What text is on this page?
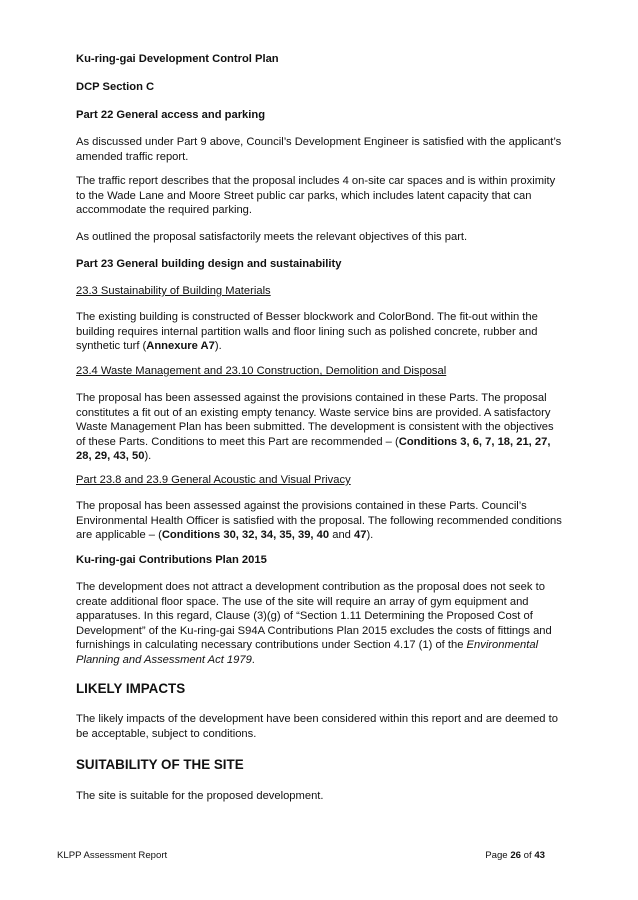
Ku-ring-gai Development Control Plan

DCP Section C

Part 22 General access and parking

As discussed under Part 9 above, Council’s Development Engineer is satisfied with the applicant’s amended traffic report.

The traffic report describes that the proposal includes 4 on-site car spaces and is within proximity to the Wade Lane and Moore Street public car parks, which includes latent capacity that can accommodate the required parking.

As outlined the proposal satisfactorily meets the relevant objectives of this part.

Part 23 General building design and sustainability

23.3 Sustainability of Building Materials

The existing building is constructed of Besser blockwork and ColorBond. The fit-out within the building requires internal partition walls and floor lining such as polished concrete, rubber and synthetic turf (Annexure A7).

23.4 Waste Management and 23.10 Construction, Demolition and Disposal

The proposal has been assessed against the provisions contained in these Parts. The proposal constitutes a fit out of an existing empty tenancy. Waste service bins are provided. A satisfactory Waste Management Plan has been submitted. The development is consistent with the objectives of these Parts. Conditions to meet this Part are recommended – (Conditions 3, 6, 7, 18, 21, 27, 28, 29, 43, 50).

Part 23.8 and 23.9 General Acoustic and Visual Privacy

The proposal has been assessed against the provisions contained in these Parts. Council’s Environmental Health Officer is satisfied with the proposal. The following recommended conditions are applicable – (Conditions 30, 32, 34, 35, 39, 40 and 47).

Ku-ring-gai Contributions Plan 2015

The development does not attract a development contribution as the proposal does not seek to create additional floor space. The use of the site will require an array of gym equipment and apparatuses. In this regard, Clause (3)(g) of “Section 1.11 Determining the Proposed Cost of Development” of the Ku-ring-gai S94A Contributions Plan 2015 excludes the costs of fittings and furnishings in calculating necessary contributions under Section 4.17 (1) of the Environmental Planning and Assessment Act 1979.

LIKELY IMPACTS

The likely impacts of the development have been considered within this report and are deemed to be acceptable, subject to conditions.

SUITABILITY OF THE SITE

The site is suitable for the proposed development.

KLPP Assessment Report	Page 26 of 43
